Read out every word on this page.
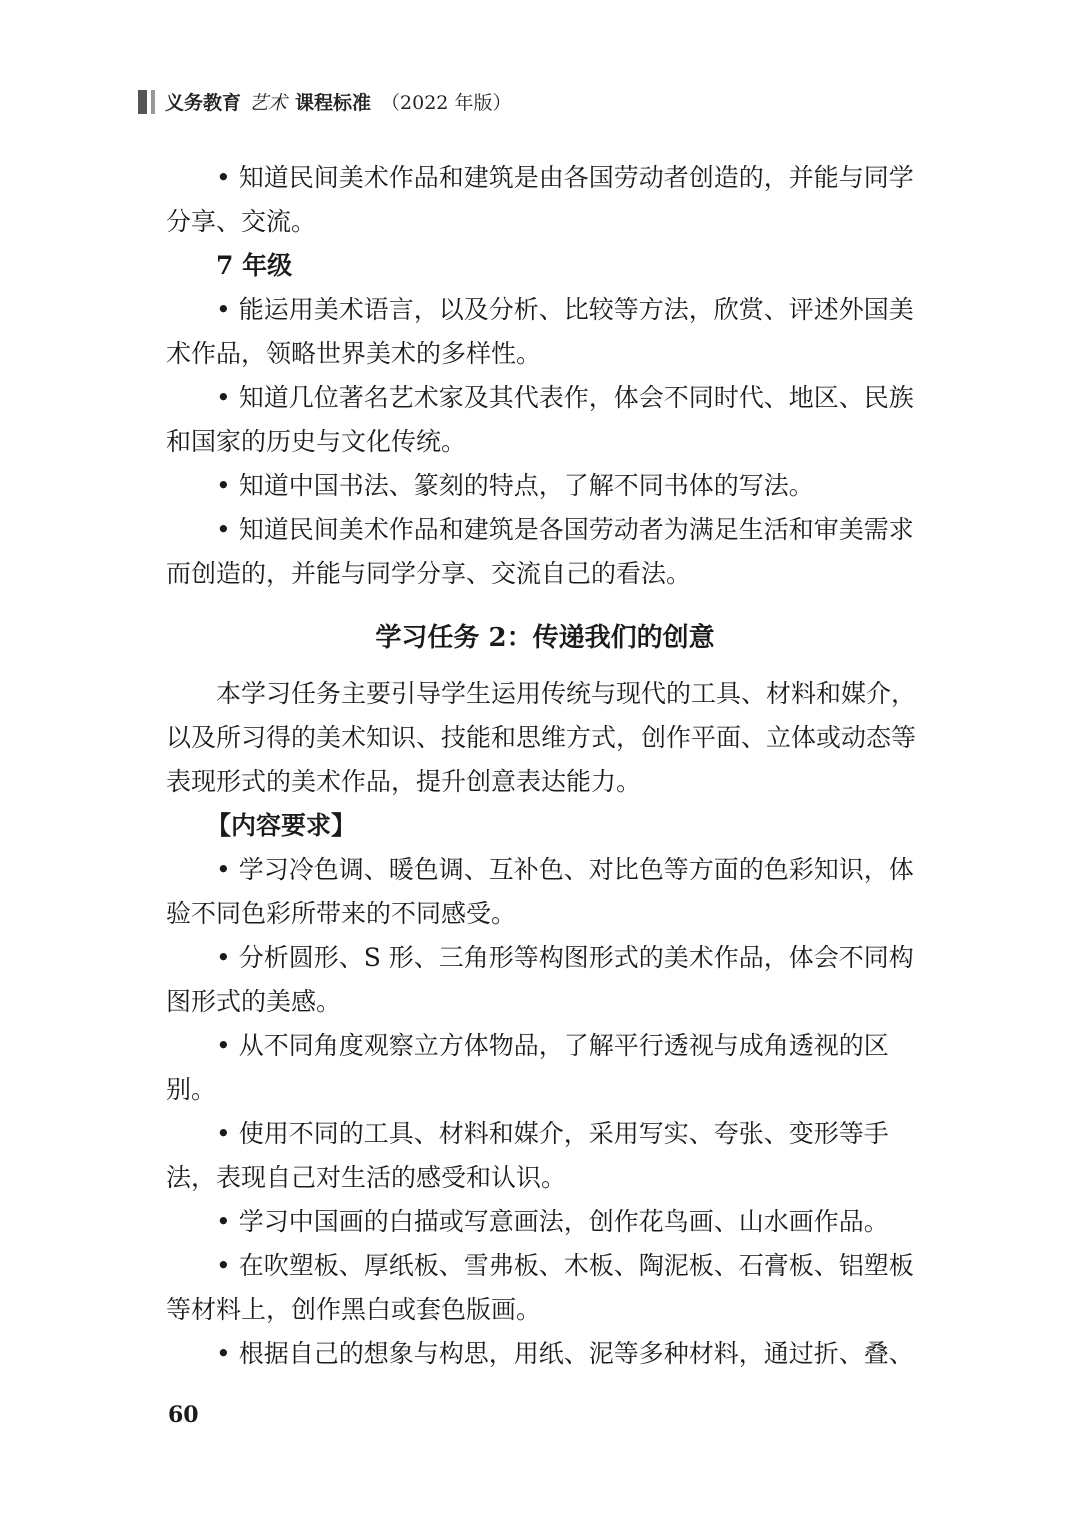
义务教育 艺术 课程标准 （2022 年版）

• 知道民间美术作品和建筑是由各国劳动者创造的，并能与同学分享、交流。

7 年级

• 能运用美术语言，以及分析、比较等方法，欣赏、评述外国美术作品，领略世界美术的多样性。

• 知道几位著名艺术家及其代表作，体会不同时代、地区、民族和国家的历史与文化传统。

• 知道中国书法、篆刻的特点，了解不同书体的写法。

• 知道民间美术作品和建筑是各国劳动者为满足生活和审美需求而创造的，并能与同学分享、交流自己的看法。

学习任务 2：传递我们的创意

本学习任务主要引导学生运用传统与现代的工具、材料和媒介，以及所习得的美术知识、技能和思维方式，创作平面、立体或动态等表现形式的美术作品，提升创意表达能力。

【内容要求】

• 学习冷色调、暖色调、互补色、对比色等方面的色彩知识，体验不同色彩所带来的不同感受。

• 分析圆形、S 形、三角形等构图形式的美术作品，体会不同构图形式的美感。

• 从不同角度观察立方体物品，了解平行透视与成角透视的区别。

• 使用不同的工具、材料和媒介，采用写实、夸张、变形等手法，表现自己对生活的感受和认识。

• 学习中国画的白描或写意画法，创作花鸟画、山水画作品。

• 在吹塑板、厚纸板、雪弗板、木板、陶泥板、石膏板、铝塑板等材料上，创作黑白或套色版画。

• 根据自己的想象与构思，用纸、泥等多种材料，通过折、叠、

60
